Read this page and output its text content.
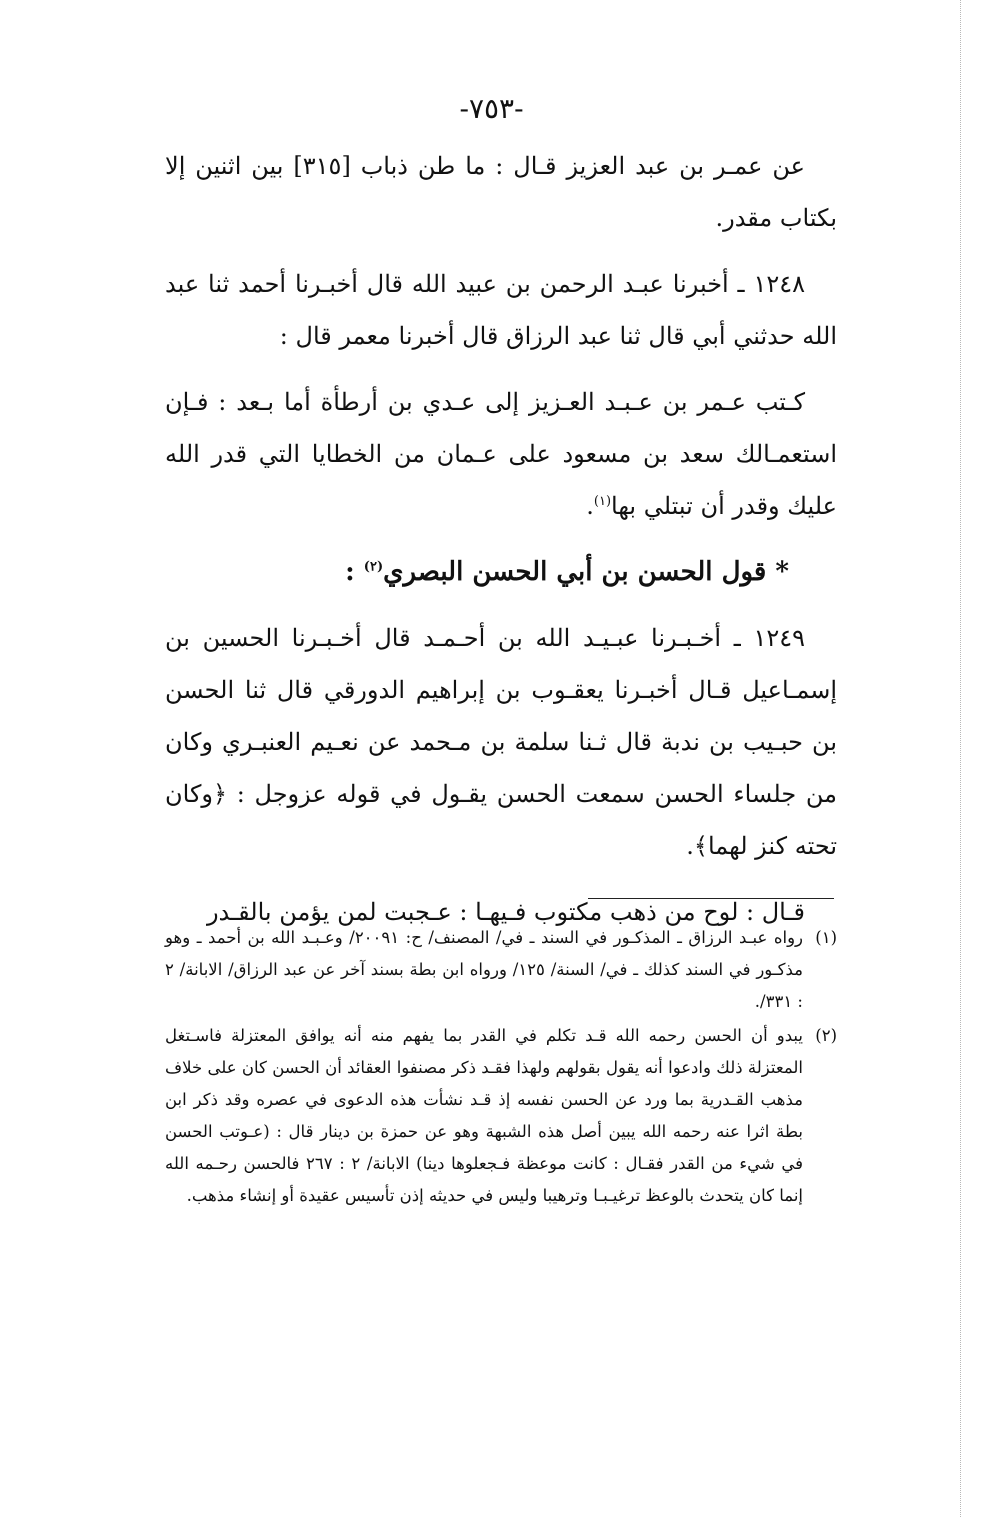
-٧٥٣-

عن عمـر بن عبد العزيز قـال : ما طن ذباب [٣١٥] بين اثنين إلا بكتاب مقدر.

١٢٤٨ ـ أخبرنا عبـد الرحمن بن عبيد الله قال أخبـرنا أحمد ثنا عبد الله حدثني أبي قال ثنا عبد الرزاق قال أخبرنا معمر قال :

كـتب عـمر بن عـبـد العـزيز إلى عـدي بن أرطأة أما بـعد : فـإن استعمـالك سعد بن مسعود على عـمان من الخطايا التي قدر الله عليك وقدر أن تبتلي بها$^{(١)}$.

* قول الحسن بن أبي الحسن البصري$^{(٢)}$ :

١٢٤٩ ـ أخـبـرنا عبـيـد الله بن أحـمـد قال أخـبـرنا الحسين بن إسمـاعيل قـال أخبـرنا يعقـوب بن إبراهيم الدورقي قال ثنا الحسن بن حبـيب بن ندبة قال ثـنا سلمة بن مـحمد عن نعـيم العنبـري وكان من جلساء الحسن سمعت الحسن يقـول في قوله عزوجل : ﴿وكان تحته كنز لهما﴾.

قـال : لوح من ذهب مكتوب فـيهـا : عـجبت لمن يؤمن بالقـدر

(١)
رواه عبـد الرزاق ـ المذكـور في السند ـ في/ المصنف/ ح: ٢٠٠٩١/ وعـبـد الله بن أحمد ـ وهو مذكـور في السند كذلك ـ في/ السنة/ ١٢٥/ ورواه ابن بطة بسند آخر عن عبد الرزاق/ الابانة/ ٢ : ٣٣١/.
(٢)
يبدو أن الحسن رحمه الله قـد تكلم في القدر بما يفهم منه أنه يوافق المعتزلة فاسـتغل المعتزلة ذلك وادعوا أنه يقول بقولهم ولهذا فقـد ذكر مصنفوا العقائد أن الحسن كان على خلاف مذهب القـدرية بما ورد عن الحسن نفسه إذ قـد نشأت هذه الدعوى في عصره وقد ذكر ابن بطة اثرا عنه رحمه الله يبين أصل هذه الشبهة وهو عن حمزة بن دينار قال : (عـوتب الحسن في شيء من القدر فقـال : كانت موعظة فـجعلوها دينا) الابانة/ ٢ : ٢٦٧ فالحسن رحـمه الله إنما كان يتحدث بالوعظ ترغيـبـا وترهيبا وليس في حديثه إذن تأسيس عقيدة أو إنشاء مذهب.
